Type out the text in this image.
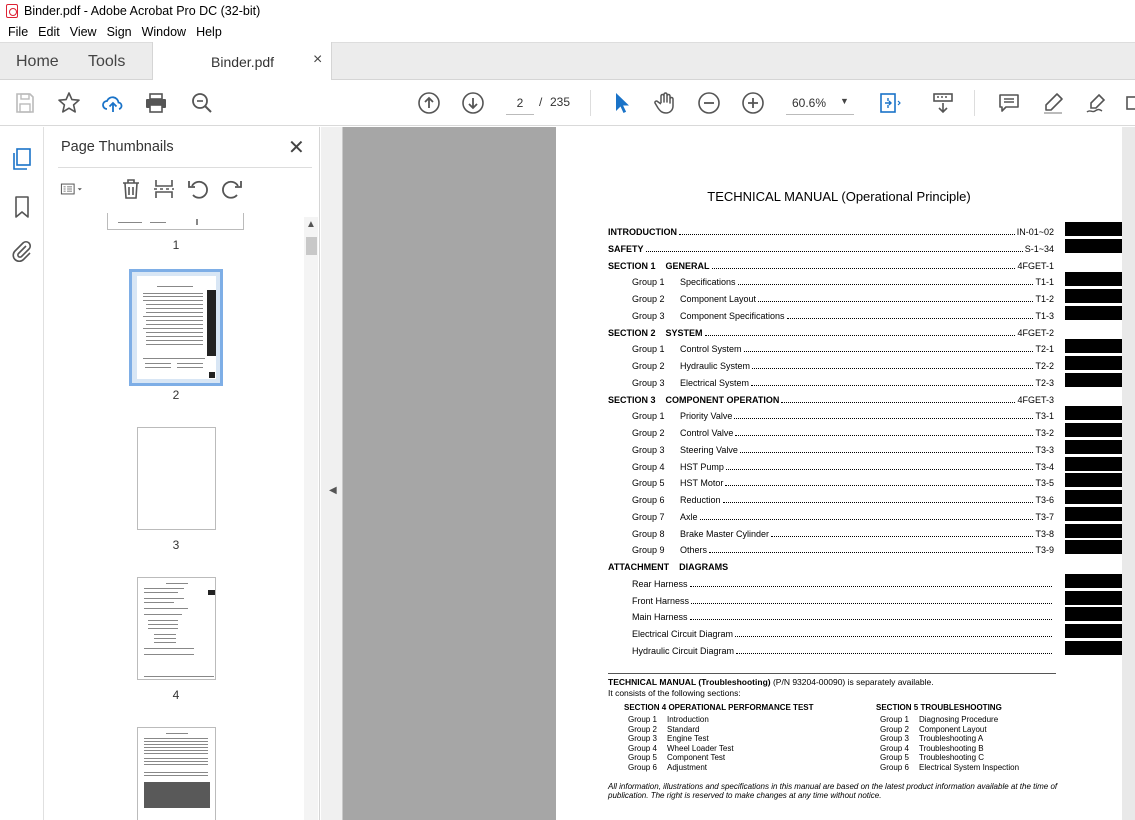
Binder.pdf - Adobe Acrobat Pro DC (32-bit)
File Edit View Sign Window Help
Home Tools	Binder.pdf ×
2	/ 235	60.6% ▼
Page Thumbnails	✕
1
2
3
4
▲
◀
TECHNICAL MANUAL (Operational Principle)
INTRODUCTION	IN-01~02
SAFETY	S-1~34
SECTION 1    GENERAL	4FGET-1
Group 1 Specifications	T1-1
Group 2 Component Layout	T1-2
Group 3 Component Specifications	T1-3
SECTION 2    SYSTEM	4FGET-2
Group 1 Control System	T2-1
Group 2 Hydraulic System	T2-2
Group 3 Electrical System	T2-3
SECTION 3    COMPONENT OPERATION	4FGET-3
Group 1 Priority Valve	T3-1
Group 2 Control Valve	T3-2
Group 3 Steering Valve	T3-3
Group 4 HST Pump	T3-4
Group 5 HST Motor	T3-5
Group 6 Reduction	T3-6
Group 7 Axle	T3-7
Group 8 Brake Master Cylinder	T3-8
Group 9 Others	T3-9
ATTACHMENT    DIAGRAMS
Rear Harness
Front Harness
Main Harness
Electrical Circuit Diagram
Hydraulic Circuit Diagram
TECHNICAL MANUAL (Troubleshooting) (P/N 93204-00090) is separately available.
It consists of the following sections:
SECTION 4 OPERATIONAL PERFORMANCE TEST	SECTION 5 TROUBLESHOOTING
Group 1 Introduction
Group 2 Standard
Group 3 Engine Test
Group 4 Wheel Loader Test
Group 5 Component Test
Group 6 Adjustment
Group 1 Diagnosing Procedure
Group 2 Component Layout
Group 3 Troubleshooting A
Group 4 Troubleshooting B
Group 5 Troubleshooting C
Group 6 Electrical System Inspection
All information, illustrations and specifications in this manual are based on the latest product information available at the time of publication. The right is reserved to make changes at any time without notice.
